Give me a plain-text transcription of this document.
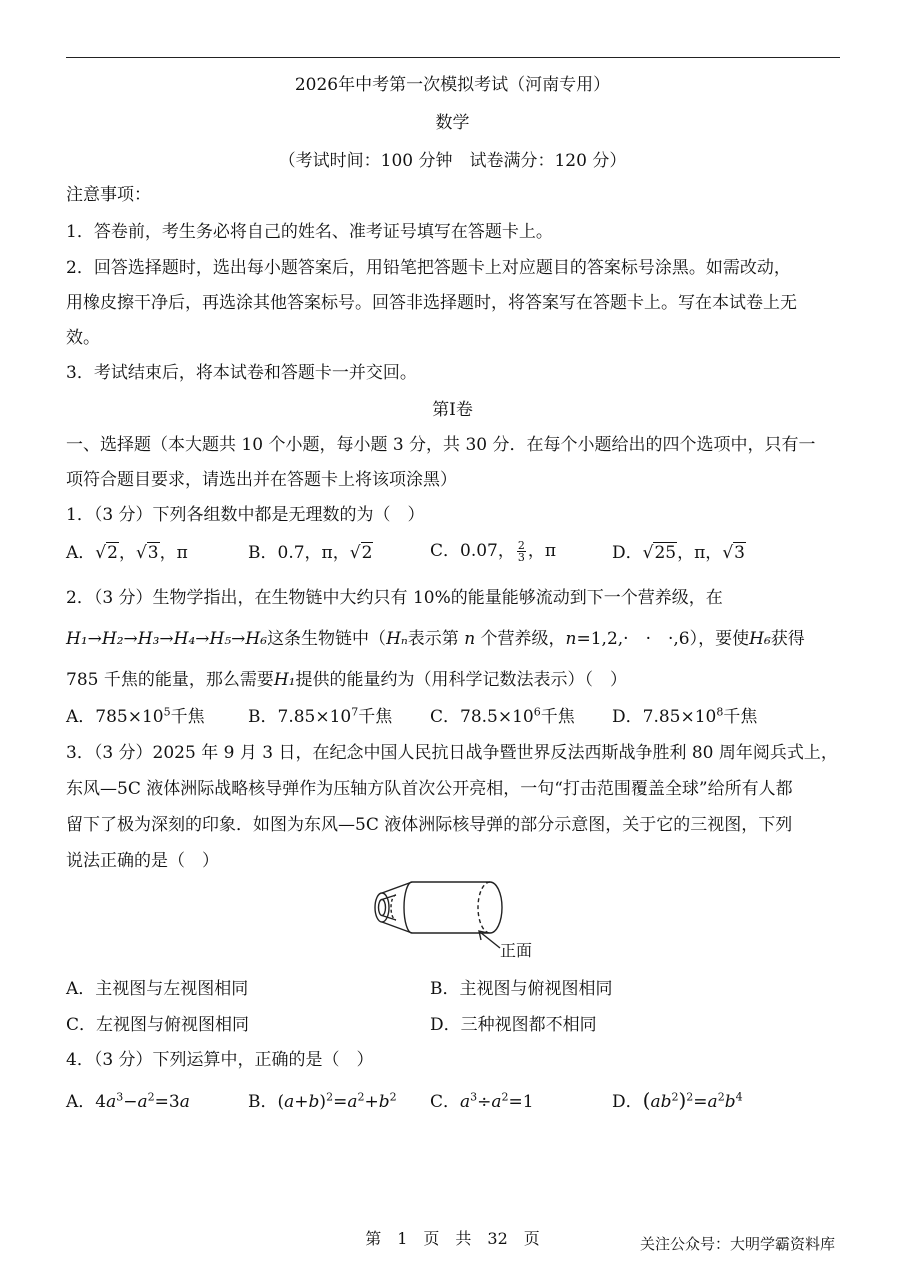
2026年中考第一次模拟考试（河南专用）
数学
（考试时间：100 分钟　试卷满分：120 分）
注意事项：
1．答卷前，考生务必将自己的姓名、准考证号填写在答题卡上。
2．回答选择题时，选出每小题答案后，用铅笔把答题卡上对应题目的答案标号涂黑。如需改动，
用橡皮擦干净后，再选涂其他答案标号。回答非选择题时，将答案写在答题卡上。写在本试卷上无
效。
3．考试结束后，将本试卷和答题卡一并交回。
第Ⅰ卷
一、选择题（本大题共 10 个小题，每小题 3 分，共 30 分．在每个小题给出的四个选项中，只有一
项符合题目要求，请选出并在答题卡上将该项涂黑）
1．（3 分）下列各组数中都是无理数的为（　）
A．√2，√3，π	B．0.7，π，√2	C．0.07， $\frac{2}{3}$ ，π	D．√25，π，√3
2．（3 分）生物学指出，在生物链中大约只有 10%的能量能够流动到下一个营养级，在
H₁→H₂→H₃→H₄→H₅→H₆这条生物链中（Hₙ表示第 n 个营养级，n=1,2,·　·　·,6），要使H₆获得
785 千焦的能量，那么需要H₁提供的能量约为（用科学记数法表示）（　）
A．$785\times 10^5$千焦	B．$7.85\times 10^7$千焦 C．$78.5\times 10^6$千焦 D．$7.85\times 10^8$千焦
3．（3 分）2025 年 9 月 3 日，在纪念中国人民抗日战争暨世界反法西斯战争胜利 80 周年阅兵式上，
东风—5C 液体洲际战略核导弹作为压轴方队首次公开亮相，一句“打击范围覆盖全球”给所有人都
留下了极为深刻的印象．如图为东风—5C 液体洲际核导弹的部分示意图，关于它的三视图，下列
说法正确的是（　）
正面
A．主视图与左视图相同	B．主视图与俯视图相同
C．左视图与俯视图相同	D．三种视图都不相同
4．（3 分）下列运算中，正确的是（　）
A．$4a^3-a^2=3a$	B．$(a+b)^2=a^2+b^2$ C．$a^3\div a^2=1$	D．$(ab^2)^2=a^2b^4$
第　1　页　共　32　页	关注公众号：大明学霸资料库
